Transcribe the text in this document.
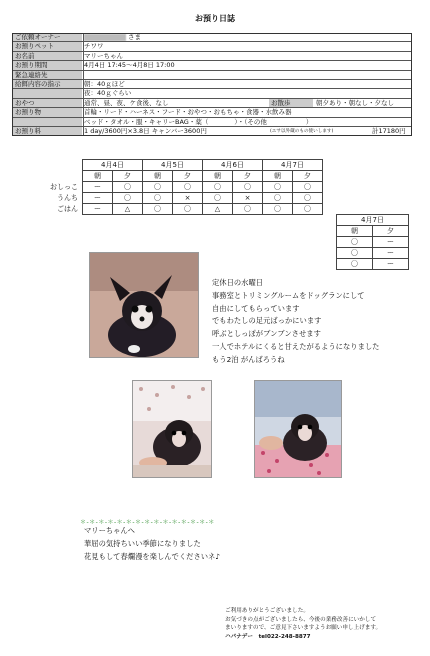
お預り日誌
ご依頼オーナー	さま
お預りペット	チワワ
お名前	マリーちゃん
お預り期間	4月4日 17:45〜4月8日 17:00
緊急連絡先
給餌内容の指示	朝：40ｇほど
夜：40ｇぐらい
おやつ	通常、昼、夜、ケ食後、なし	お散歩	朝夕あり・朝なし・夕なし
お預り物	首輪・リード・ハーネス・フード・おやつ・おもちゃ・食器・水飲み器
ベッド・タオル・服・キャリーBAG・薬（　　　　）・（その他　　　　　　）
お預り料	1 day/3600円×3.8日 キャンバー3600円	(エサ以外蔵のもの使いします)	計17180円
	4月4日		4月5日		4月6日		4月7日	
	朝	夕	朝	夕	朝	夕	朝	夕
おしっこ	ー	〇	〇	〇	〇	〇	〇	〇
うんち	ー	〇	〇	×	〇	×	〇	〇
ごはん	ー	△	〇	〇	△	〇	〇	〇
4月7日	
朝	夕
〇	ー
〇	ー
〇	ー
定休日の水曜日
事務室とトリミングルームをドッグランにして
自由にしてもらっています
でもわたしの足元ばっかにいます
呼ぶとしっぽがブンブンさせます
一人でホテルにくると甘えたがるようになりました
もう2泊 がんばろうね
＊-＊-＊-＊-＊-＊-＊-＊-＊-＊-＊-＊-＊-＊-＊
マリーちゃんへ
華屈の気持ちいい季節になりました
花見もして春爛漫を楽しんでくださいネ♪
ご利用ありがとうございました。
お気づきの点がございましたら、今後の業務改善にいかして
まいりますので、ご意見下さいますようお願い申し上げます。
ハパナデー　tel022-248-8877
